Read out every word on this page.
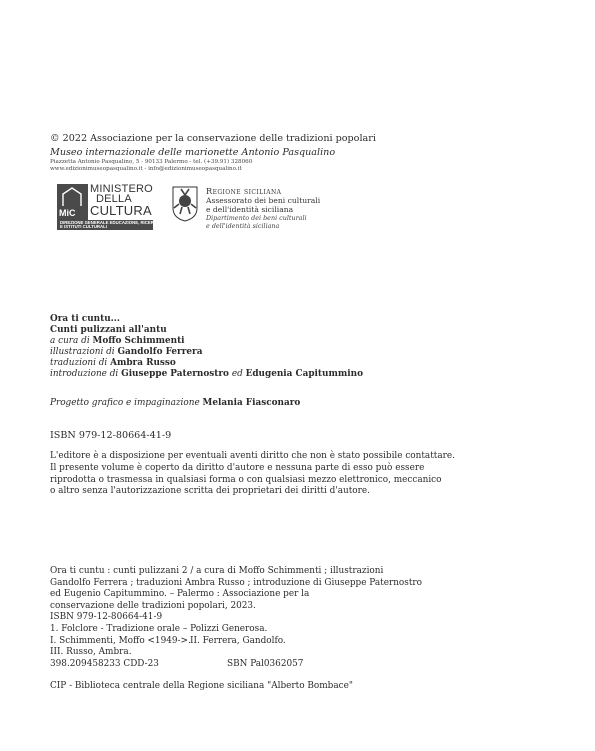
© 2022 Associazione per la conservazione delle tradizioni popolari
Museo internazionale delle marionette Antonio Pasqualino
Piazzetta Antonio Pasqualino, 5 - 90133 Palermo - tel. (+39.91) 328060
www.edizionimuseopasqualino.it - info@edizionimuseopasqualino.it
MiC
MINISTERO
DELLA
CULTURA
DIREZIONE GENERALE EDUCAZIONE, RICERCA
E ISTITUTI CULTURALI
Regione siciliana
Assessorato dei beni culturali
e dell'identità siciliana
Dipartimento dei beni culturali
e dell'identità siciliana
Ora ti cuntu...
Cunti pulizzani all'antu
a cura di Moffo Schimmenti
illustrazioni di Gandolfo Ferrera
traduzioni di Ambra Russo
introduzione di Giuseppe Paternostro ed Edugenia Capitummino
Progetto grafico e impaginazione Melania Fiasconaro
ISBN 979-12-80664-41-9
L'editore è a disposizione per eventuali aventi diritto che non è stato possibile contattare.
Il presente volume è coperto da diritto d'autore e nessuna parte di esso può essere
riprodotta o trasmessa in qualsiasi forma o con qualsiasi mezzo elettronico, meccanico
o altro senza l'autorizzazione scritta dei proprietari dei diritti d'autore.
Ora ti cuntu : cunti pulizzani 2 / a cura di Moffo Schimmenti ; illustrazioni
Gandolfo Ferrera ; traduzioni Ambra Russo ; introduzione di Giuseppe Paternostro
ed Eugenio Capitummino. – Palermo : Associazione per la
conservazione delle tradizioni popolari, 2023.
ISBN 979-12-80664-41-9
1. Folclore - Tradizione orale – Polizzi Generosa.
I. Schimmenti, Moffo <1949->. II. Ferrera, Gandolfo.
III. Russo, Ambra.
398.209458233 CDD-23	SBN Pal0362057
CIP - Biblioteca centrale della Regione siciliana "Alberto Bombace"
